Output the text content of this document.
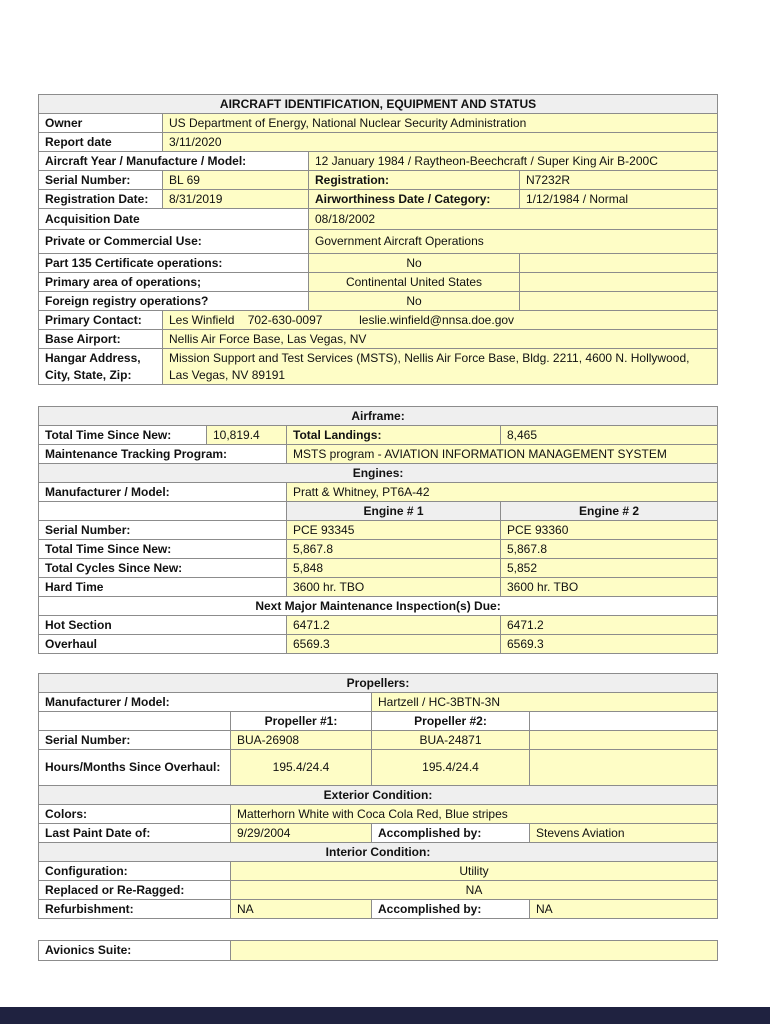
AIRCRAFT IDENTIFICATION, EQUIPMENT AND STATUS			
Owner	US Department of Energy, National Nuclear Security Administration		
Report date	3/11/2020		
Aircraft Year / Manufacture / Model:		12 January 1984 / Raytheon-Beechcraft / Super King Air B-200C	
Serial Number:	BL 69	Registration:	N7232R
Registration Date:	8/31/2019	Airworthiness Date / Category:	1/12/1984 / Normal
Acquisition Date		08/18/2002	
Private or Commercial Use:		Government Aircraft Operations	
Part 135 Certificate operations:		No	
Primary area of operations;		Continental United States	
Foreign registry operations?		No	
Primary Contact:	Les Winfield    702-630-0097           leslie.winfield@nnsa.doe.gov		
Base Airport:	Nellis Air Force Base, Las Vegas, NV		
Hangar Address, City, State, Zip:	Mission Support and Test Services (MSTS), Nellis Air Force Base, Bldg. 2211, 4600 N. Hollywood, Las Vegas, NV 89191		
Airframe:			
Total Time Since New:	10,819.4	Total Landings:	8,465
Maintenance Tracking Program:		MSTS program - AVIATION INFORMATION MANAGEMENT SYSTEM	
Engines:			
Manufacturer / Model:		Pratt & Whitney, PT6A-42	
		Engine # 1	Engine # 2
Serial Number:		PCE 93345	PCE 93360
Total Time Since New:		5,867.8	5,867.8
Total Cycles Since New:		5,848	5,852
Hard Time		3600 hr. TBO	3600 hr. TBO
Next Major Maintenance Inspection(s) Due:			
Hot Section		6471.2	6471.2
Overhaul		6569.3	6569.3
Propellers:			
Manufacturer / Model:		Hartzell / HC-3BTN-3N	
	Propeller #1:	Propeller #2:	
Serial Number:	BUA-26908	BUA-24871	
Hours/Months Since Overhaul:	195.4/24.4	195.4/24.4	
Exterior Condition:			
Colors:	Matterhorn White with Coca Cola Red, Blue stripes		
Last Paint Date of:	9/29/2004	Accomplished by:	Stevens Aviation
Interior Condition:			
Configuration:	Utility		
Replaced or Re-Ragged:	NA		
Refurbishment:	NA	Accomplished by:	NA
Avionics Suite:	
